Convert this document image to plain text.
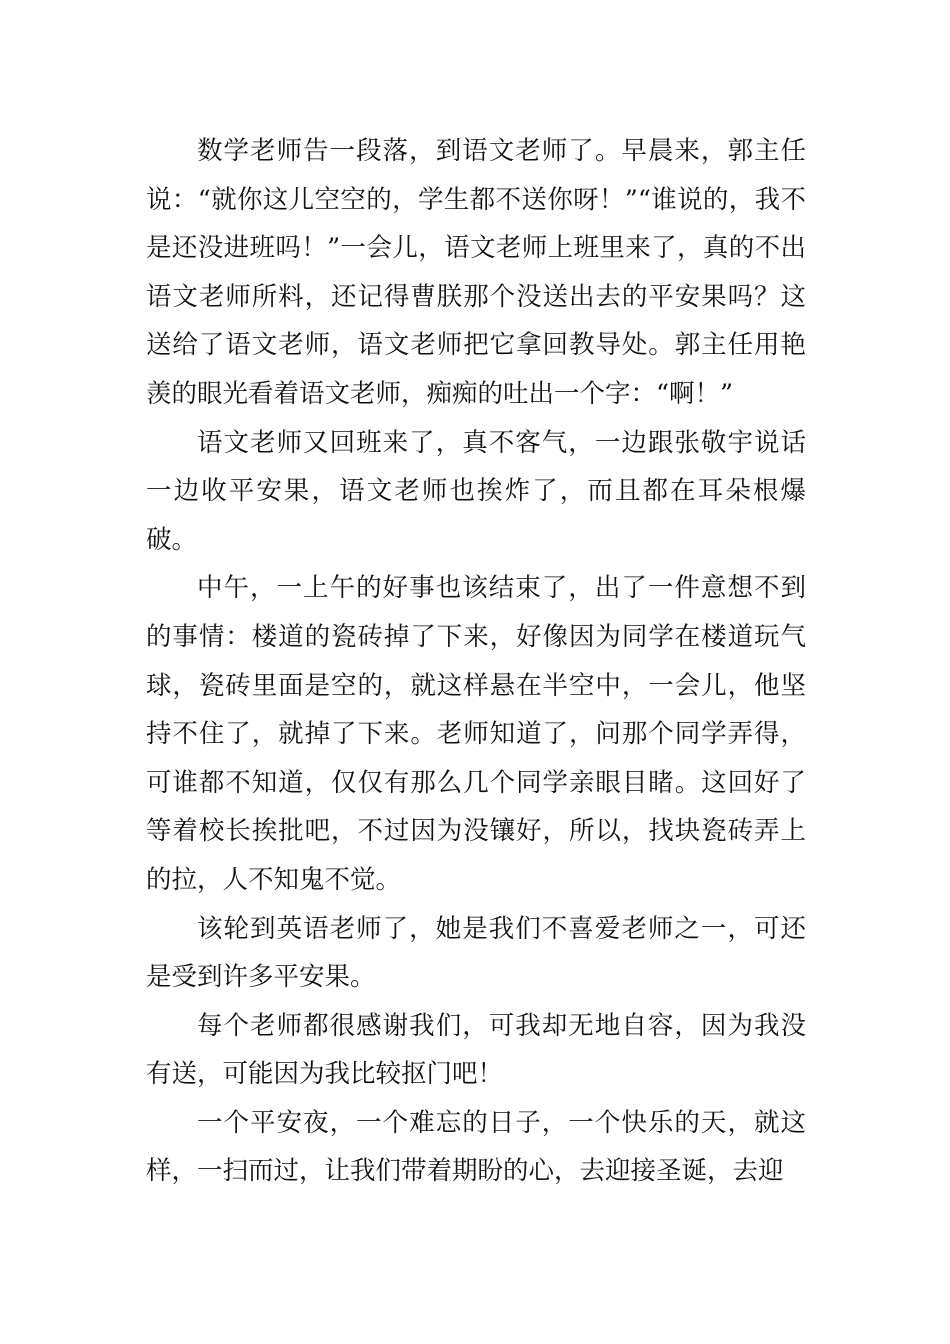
数学老师告一段落，到语文老师了。早晨来，郭主任说：“就你这儿空空的，学生都不送你呀！”“谁说的，我不是还没进班吗！”一会儿，语文老师上班里来了，真的不出语文老师所料，还记得曹朕那个没送出去的平安果吗？这送给了语文老师，语文老师把它拿回教导处。郭主任用艳羡的眼光看着语文老师，痴痴的吐出一个字：“啊！”

语文老师又回班来了，真不客气，一边跟张敬宇说话一边收平安果，语文老师也挨炸了，而且都在耳朵根爆破。

中午，一上午的好事也该结束了，出了一件意想不到的事情：楼道的瓷砖掉了下来，好像因为同学在楼道玩气球，瓷砖里面是空的，就这样悬在半空中，一会儿，他坚持不住了，就掉了下来。老师知道了，问那个同学弄得，可谁都不知道，仅仅有那么几个同学亲眼目睹。这回好了等着校长挨批吧，不过因为没镶好，所以，找块瓷砖弄上的拉，人不知鬼不觉。

该轮到英语老师了，她是我们不喜爱老师之一，可还是受到许多平安果。

每个老师都很感谢我们，可我却无地自容，因为我没有送，可能因为我比较抠门吧！

一个平安夜，一个难忘的日子，一个快乐的天，就这样，一扫而过，让我们带着期盼的心，去迎接圣诞，去迎
